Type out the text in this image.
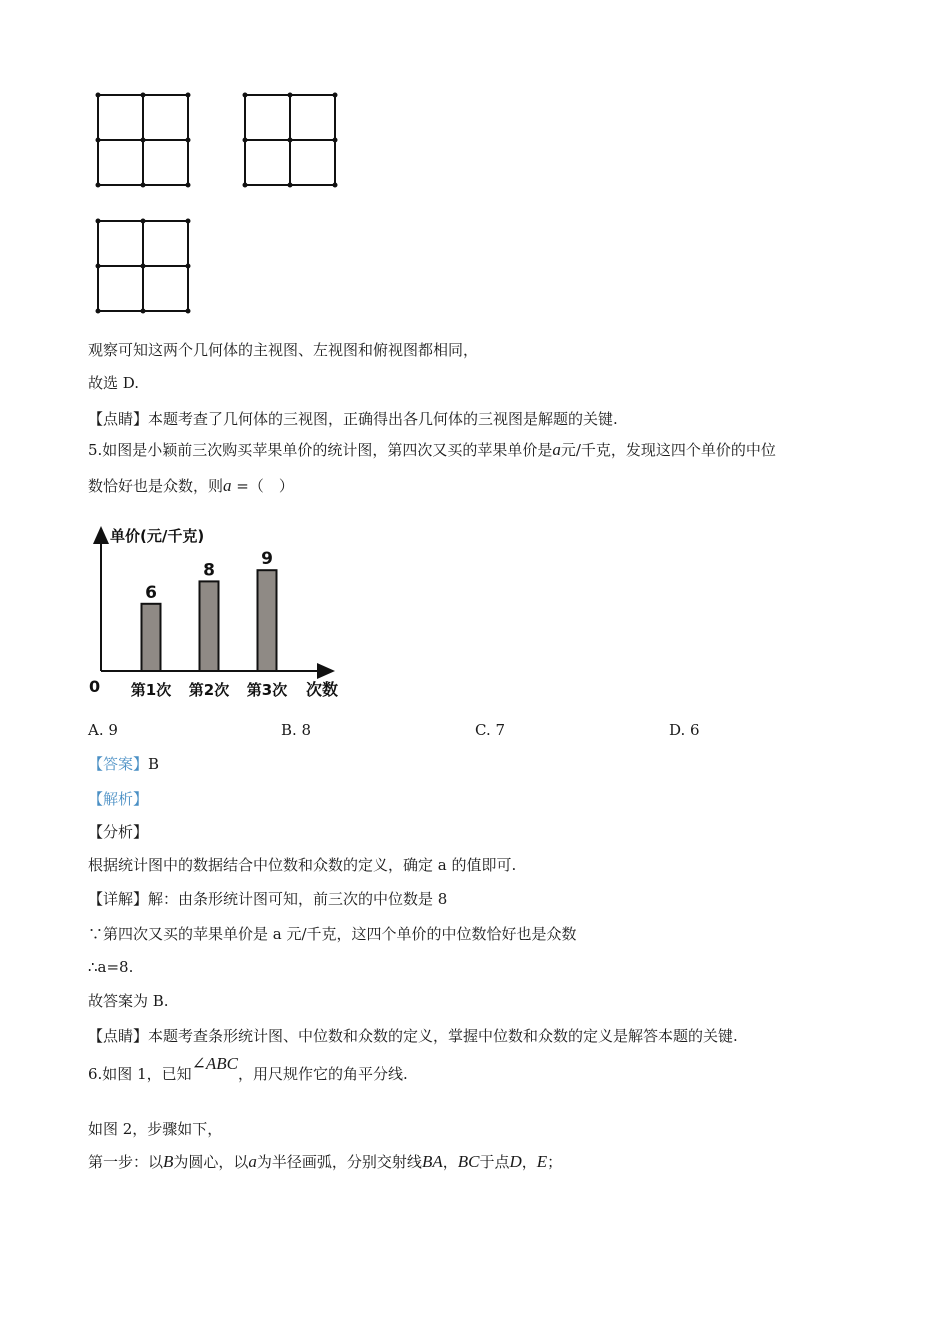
观察可知这两个几何体的主视图、左视图和俯视图都相同，
故选 D.
【点睛】本题考查了几何体的三视图，正确得出各几何体的三视图是解题的关键.
5.如图是小颖前三次购买苹果单价的统计图，第四次又买的苹果单价是a元/千克，发现这四个单价的中位
数恰好也是众数，则a =（　）
单价(元/千克)
0	次数
6
第1次
8
第2次
9
第3次
A. 9	B. 8	C. 7	D. 6
【答案】B
【解析】
【分析】
根据统计图中的数据结合中位数和众数的定义，确定 a 的值即可.
【详解】解：由条形统计图可知，前三次的中位数是 8
∵第四次又买的苹果单价是 a 元/千克，这四个单价的中位数恰好也是众数
∴a=8.
故答案为 B.
【点睛】本题考查条形统计图、中位数和众数的定义，掌握中位数和众数的定义是解答本题的关键.
6.如图 1，已知∠ABC，用尺规作它的角平分线.
如图 2，步骤如下，
第一步：以B为圆心，以a为半径画弧，分别交射线BA，BC于点D，E；
